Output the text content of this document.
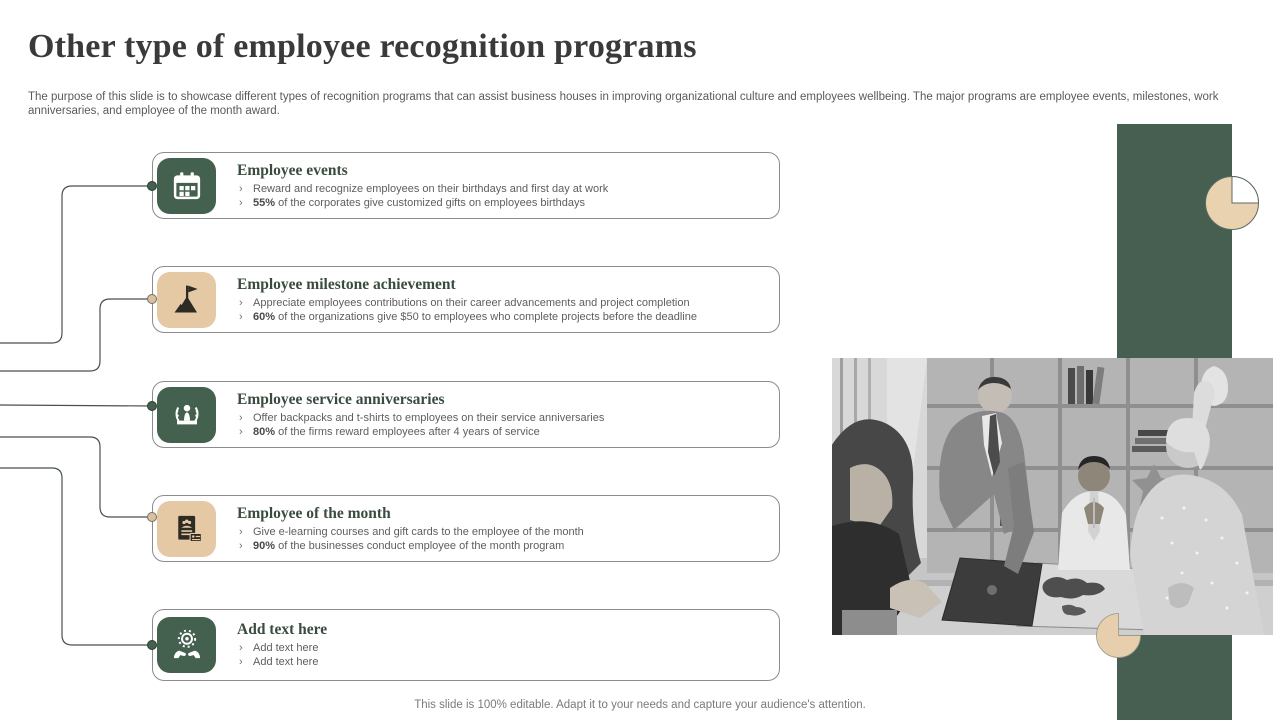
Other type of employee recognition programs

The purpose of this slide is to showcase different types of recognition programs that can assist business houses in improving organizational culture and employees wellbeing. The major programs are employee events, milestones, work anniversaries, and employee of the month award.

Employee events
› Reward and recognize employees on their birthdays and first day at work
› 55% of the corporates give customized gifts on employees birthdays
Employee milestone achievement
› Appreciate employees contributions on their career advancements and project completion
› 60% of the organizations give $50 to employees who complete projects before the deadline
Employee service anniversaries
› Offer backpacks and t-shirts to employees on their service anniversaries
› 80% of the firms reward employees after 4 years of service
Employee of the month
› Give e-learning courses and gift cards to the employee of the month
› 90% of the businesses conduct employee of the month program
Add text here
› Add text here
› Add text here
This slide is 100% editable. Adapt it to your needs and capture your audience's attention.
